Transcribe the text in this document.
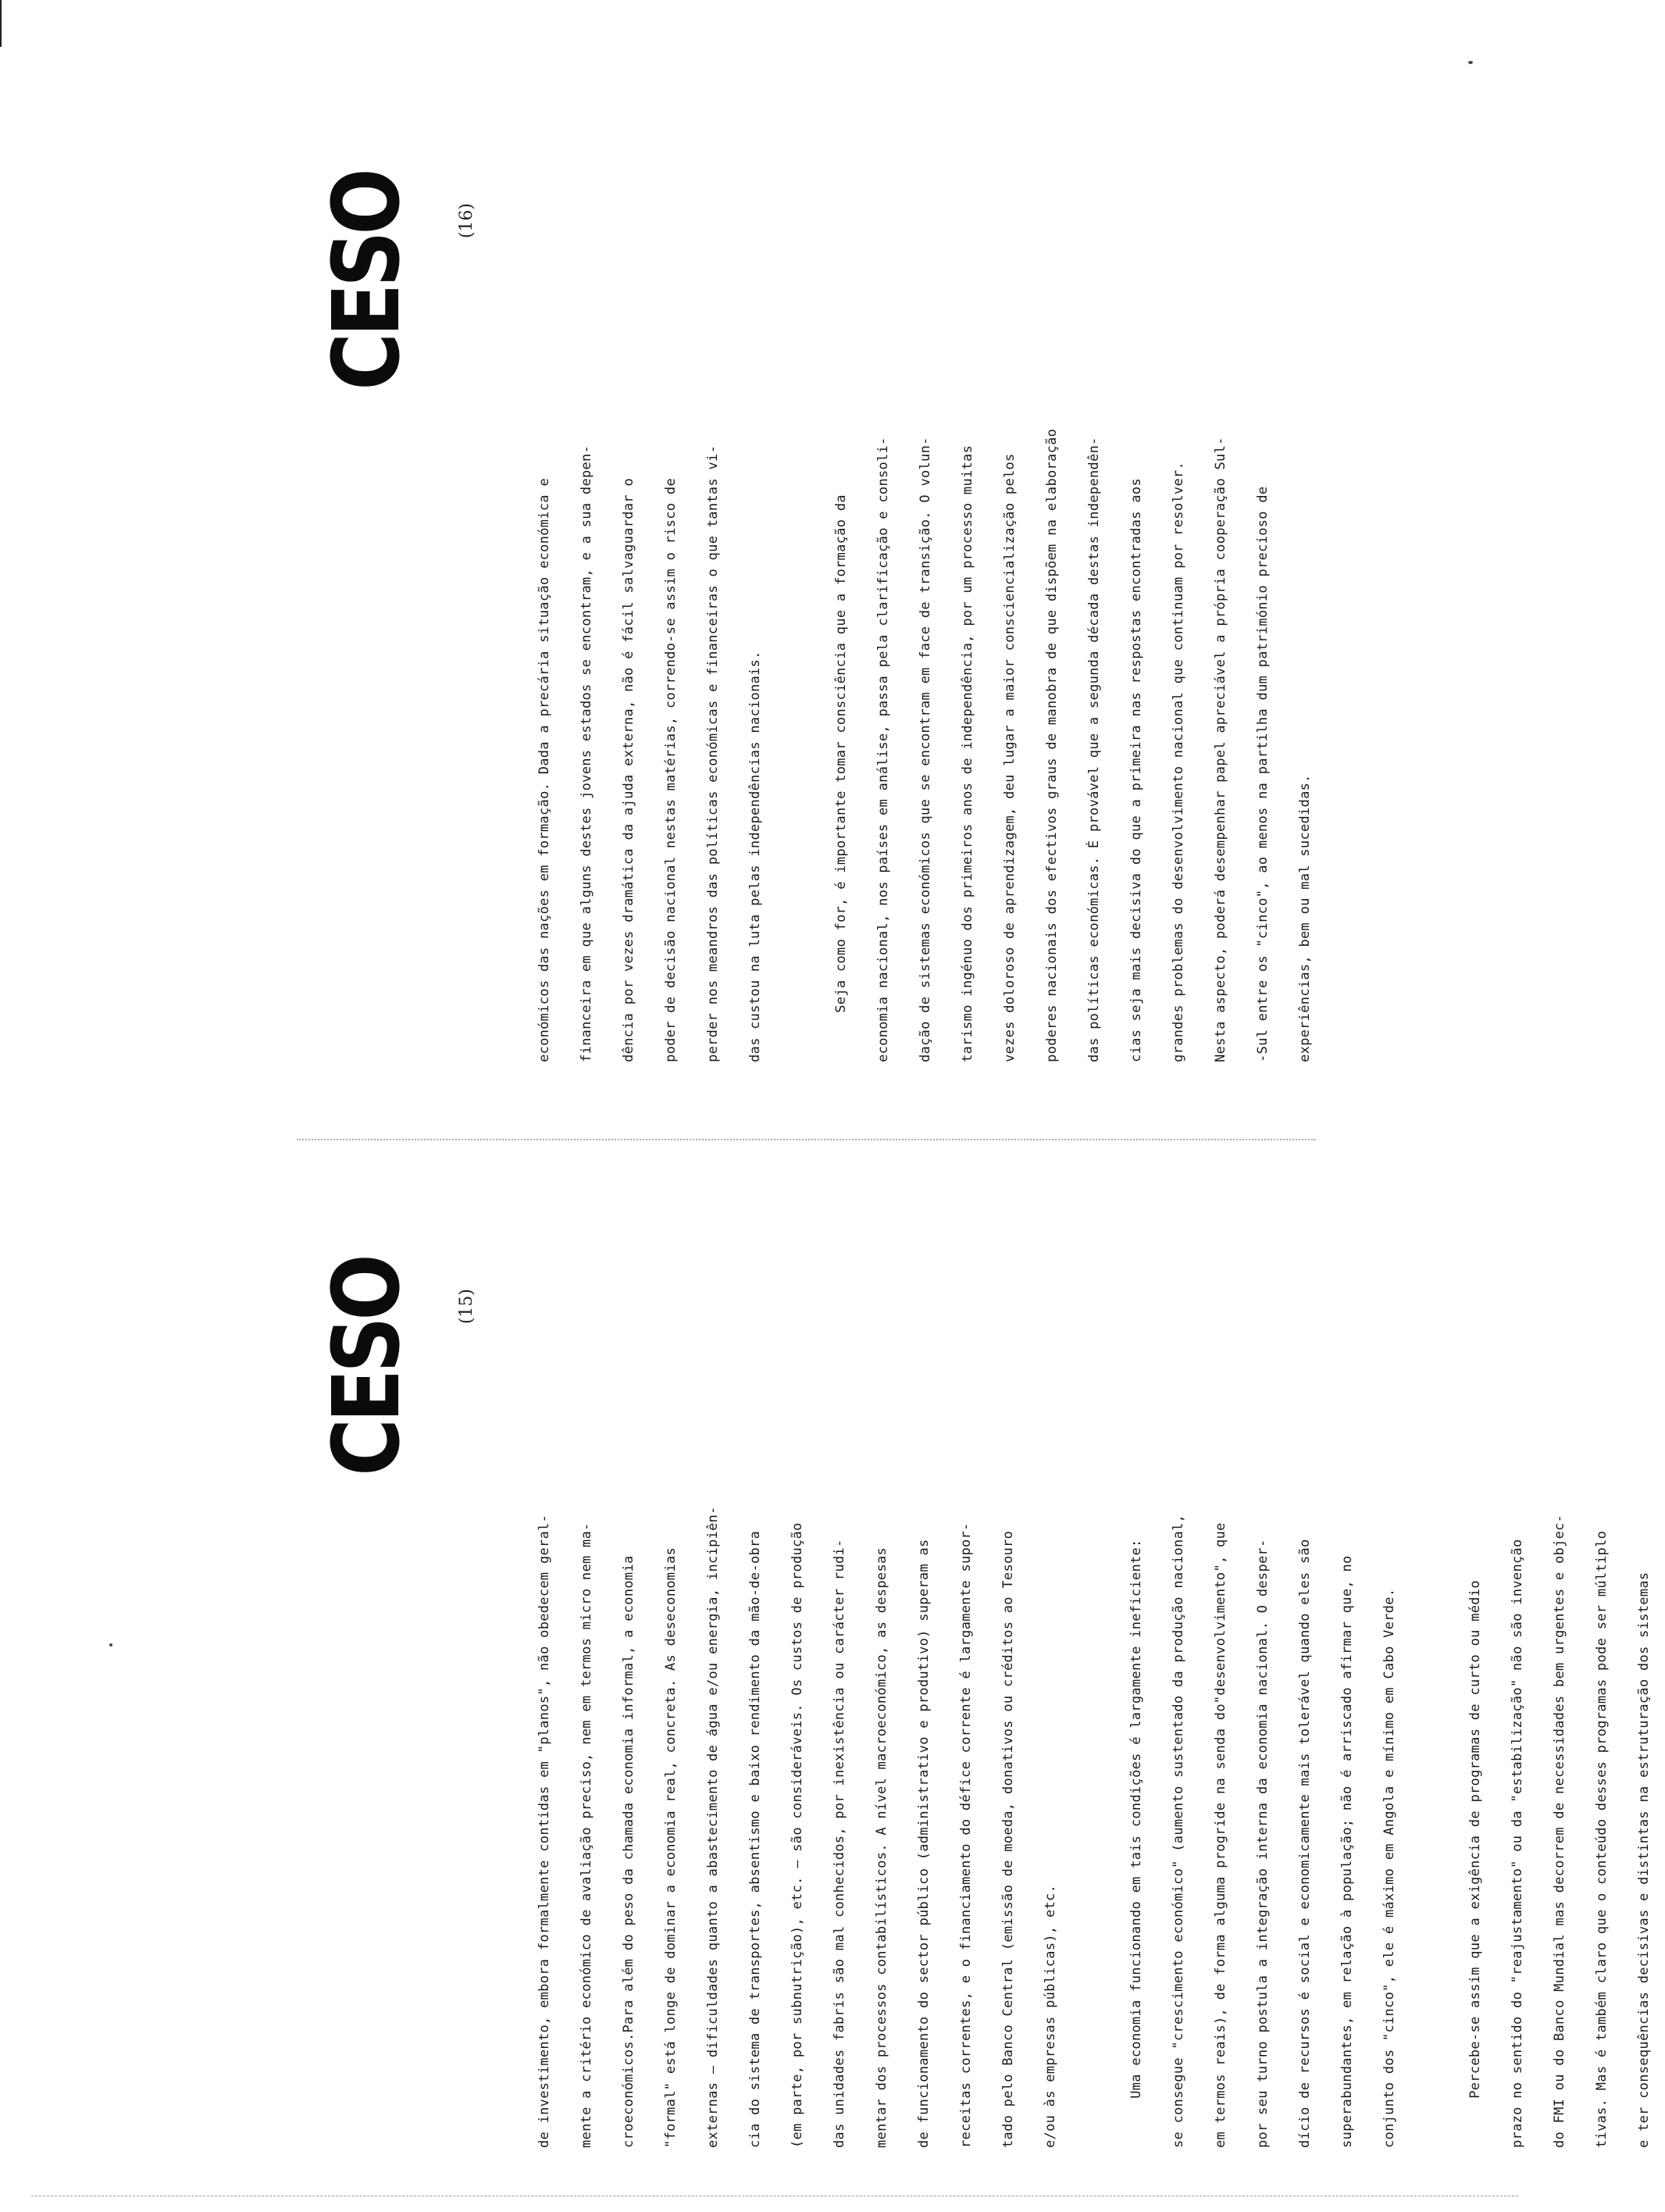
CESO (16)
económicos das nações em formação. Dada a precária situação económica e	financeira em que alguns destes jovens estados se encontram, e a sua depen-	dência por vezes dramática da ajuda externa, não é fácil salvaguardar o	poder de decisão nacional nestas matérias, correndo-se assim o risco de	perder nos meandros das políticas económicas e financeiras o que tantas vi-	das custou na luta pelas independências nacionais.	Seja como for, é importante tomar consciência que a formação da	economia nacional, nos países em análise, passa pela clarificação e consoli-	dação de sistemas económicos que se encontram em face de transição. O volun-	tarismo ingénuo dos primeiros anos de independência, por um processo muitas	vezes doloroso de aprendizagem, deu lugar a maior consciencialização pelos	poderes nacionais dos efectivos graus de manobra de que dispõem na elaboração	das políticas económicas. É provável que a segunda década destas independên-	cias seja mais decisiva do que a primeira nas respostas encontradas aos	grandes problemas do desenvolvimento nacional que continuam por resolver.	Nesta aspecto, poderá desempenhar papel apreciável a própria cooperação Sul-	-Sul entre os "cinco", ao menos na partilha dum património precioso de	experiências, bem ou mal sucedidas.
CESO (15)
de investimento, embora formalmente contidas em "planos", não obedecem geral-	mente a critério económico de avaliação preciso, nem em termos micro nem ma-	croeconómicos.Para além do peso da chamada economia informal, a economia	"formal" está longe de dominar a economia real, concreta. As deseconomias	externas — dificuldades quanto a abastecimento de água e/ou energia, incipiên-	cia do sistema de transportes, absentismo e baixo rendimento da mão-de-obra	(em parte, por subnutrição), etc. — são consideráveis. Os custos de produção	das unidades fabris são mal conhecidos, por inexistência ou carácter rudi-	mentar dos processos contabilísticos. A nível macroeconómico, as despesas	de funcionamento do sector público (administrativo e produtivo) superam as	receitas correntes, e o financiamento do défice corrente é largamente supor-	tado pelo Banco Central (emissão de moeda, donativos ou créditos ao Tesouro	e/ou às empresas públicas), etc.	Uma economia funcionando em tais condições é largamente ineficiente:	se consegue "crescimento económico" (aumento sustentado da produção nacional,	em termos reais), de forma alguma progride na senda do"desenvolvimento", que	por seu turno postula a integração interna da economia nacional. O desper-	dício de recursos é social e economicamente mais tolerável quando eles são	superabundantes, em relação à população; não é arriscado afirmar que, no	conjunto dos "cinco", ele é máximo em Angola e mínimo em Cabo Verde.	Percebe-se assim que a exigência de programas de curto ou médio	prazo no sentido do "reajustamento" ou da "estabilização" não são invenção	do FMI ou do Banco Mundial mas decorrem de necessidades bem urgentes e objec-	tivas. Mas é também claro que o conteúdo desses programas pode ser múltiplo	e ter consequências decisivas e distintas na estruturação dos sistemas
